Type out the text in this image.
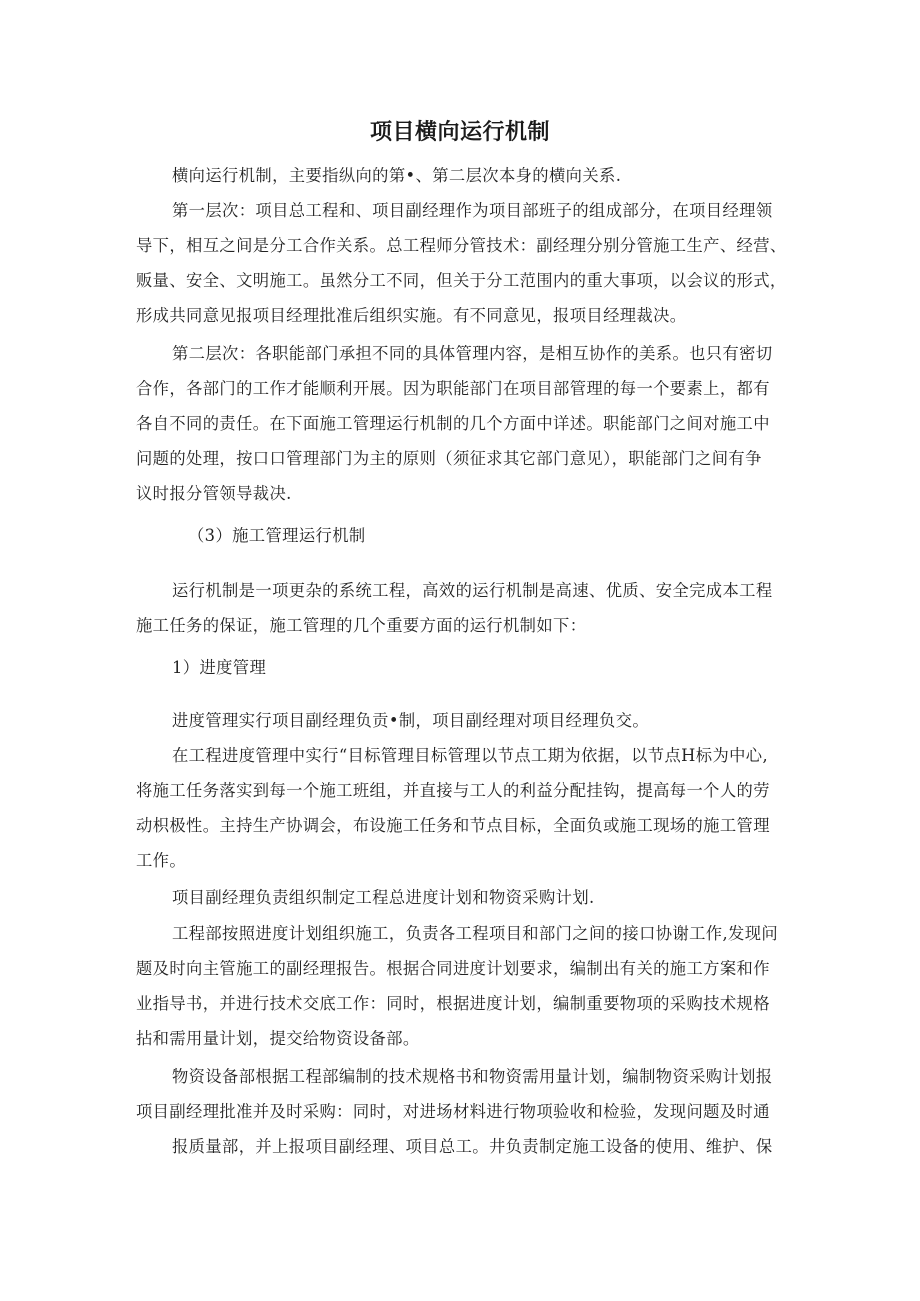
项目横向运行机制
横向运行机制，主要指纵向的第•、第二层次本身的横向关系.
第一层次：项目总工程和、项目副经理作为项目部班子的组成部分，在项目经理领
导下，相互之间是分工合作关系。总工程师分管技术：副经理分别分管施工生产、经营、
贩量、安全、文明施工。虽然分工不同，但关于分工范围内的重大事项，以会议的形式，
形成共同意见报项目经理批准后组织实施。有不同意见，报项目经理裁决。
第二层次：各职能部门承担不同的具体管理内容，是相互协作的美系。也只有密切
合作，各部门的工作才能顺利开展。因为职能部门在项目部管理的每一个要素上，都有
各自不同的责任。在下面施工管理运行机制的几个方面中详述。职能部门之间对施工中
问题的处理，按口口管理部门为主的原则（须征求其它部门意见），职能部门之间有争
议时报分管领导裁决.
（3）施工管理运行机制
运行机制是一项更杂的系统工程，高效的运行机制是高速、优质、安全完成本工程
施工任务的保证，施工管理的几个重要方面的运行机制如下：
1）进度管理
进度管理实行项目副经理负贡•制，项目副经理对项目经理负交。
在工程进度管理中实行“目标管理目标管理以节点工期为依据，以节点H标为中心,
将施工任务落实到每一个施工班组，并直接与工人的利益分配挂钩，提高每一个人的劳
动枳极性。主持生产协调会，布设施工任务和节点目标，全面负或施工现场的施工管理
工作。
项目副经理负责组织制定工程总进度计划和物资采购计划.
工程部按照进度计划组织施工，负责各工程项目和部门之间的接口协谢工作,发现问
题及时向主管施工的副经理报告。根据合同进度计划要求，编制出有关的施工方案和作
业指导书，并进行技术交底工作：同时，根据进度计划，编制重要物项的采购技术规格
拈和需用量计划，提交给物资设备部。
物资设备部根据工程部编制的技术规格书和物资需用量计划，编制物资采购计划报
项目副经理批准并及时采购：同时，对进场材料进行物项验收和检验，发现问题及时通
报质量部，并上报项目副经理、项目总工。井负责制定施工设备的使用、维护、保
